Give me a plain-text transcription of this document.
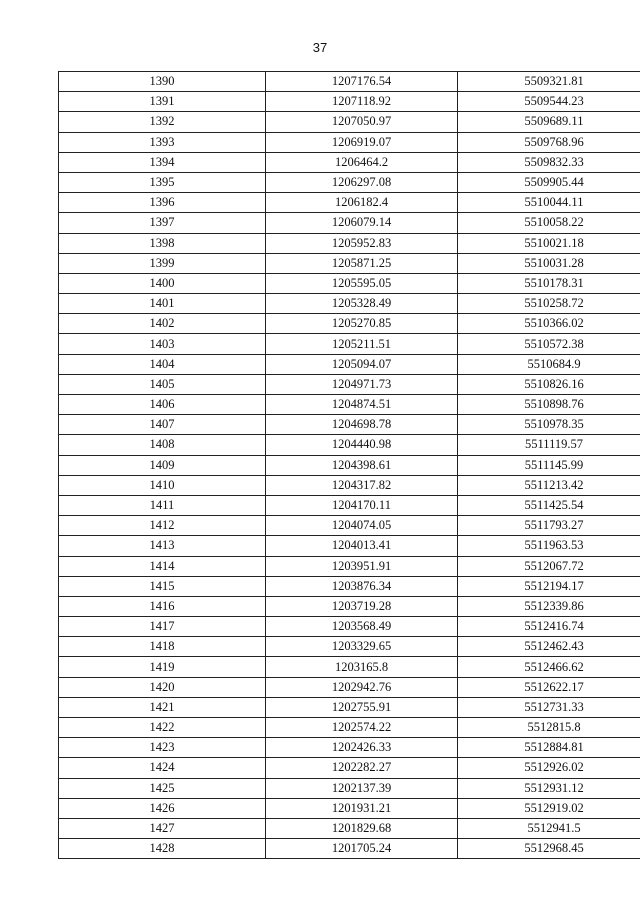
37
1390	1207176.54	5509321.81
1391	1207118.92	5509544.23
1392	1207050.97	5509689.11
1393	1206919.07	5509768.96
1394	1206464.2	5509832.33
1395	1206297.08	5509905.44
1396	1206182.4	5510044.11
1397	1206079.14	5510058.22
1398	1205952.83	5510021.18
1399	1205871.25	5510031.28
1400	1205595.05	5510178.31
1401	1205328.49	5510258.72
1402	1205270.85	5510366.02
1403	1205211.51	5510572.38
1404	1205094.07	5510684.9
1405	1204971.73	5510826.16
1406	1204874.51	5510898.76
1407	1204698.78	5510978.35
1408	1204440.98	5511119.57
1409	1204398.61	5511145.99
1410	1204317.82	5511213.42
1411	1204170.11	5511425.54
1412	1204074.05	5511793.27
1413	1204013.41	5511963.53
1414	1203951.91	5512067.72
1415	1203876.34	5512194.17
1416	1203719.28	5512339.86
1417	1203568.49	5512416.74
1418	1203329.65	5512462.43
1419	1203165.8	5512466.62
1420	1202942.76	5512622.17
1421	1202755.91	5512731.33
1422	1202574.22	5512815.8
1423	1202426.33	5512884.81
1424	1202282.27	5512926.02
1425	1202137.39	5512931.12
1426	1201931.21	5512919.02
1427	1201829.68	5512941.5
1428	1201705.24	5512968.45
